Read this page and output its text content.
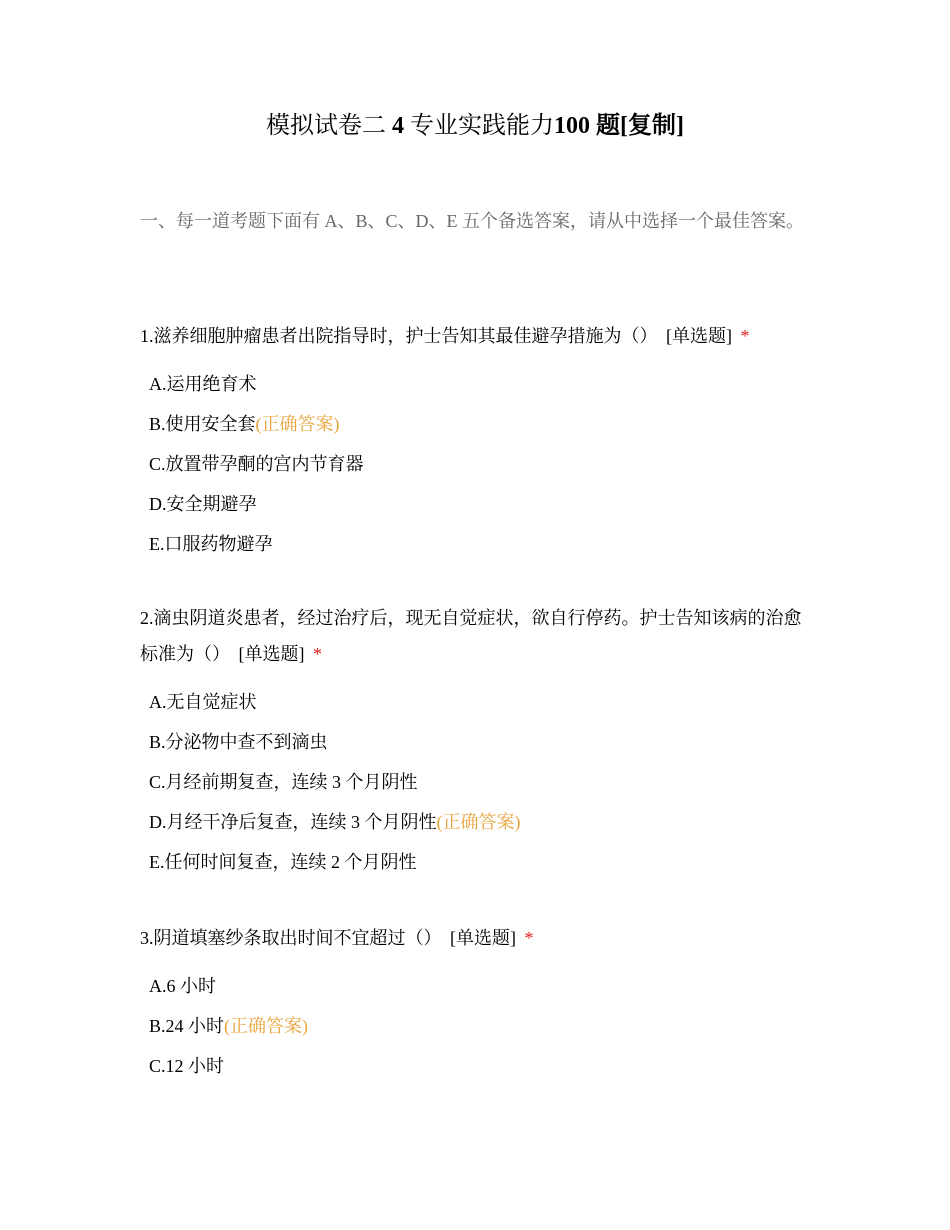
模拟试卷二 4 专业实践能力100 题[复制]
一、每一道考题下面有 A、B、C、D、E 五个备选答案，请从中选择一个最佳答案。

1.滋养细胞肿瘤患者出院指导时，护士告知其最佳避孕措施为（） [单选题] *

A.运用绝育术
B.使用安全套(正确答案)
C.放置带孕酮的宫内节育器
D.安全期避孕
E.口服药物避孕

2.滴虫阴道炎患者，经过治疗后，现无自觉症状，欲自行停药。护士告知该病的治愈标准为（） [单选题] *

A.无自觉症状
B.分泌物中查不到滴虫
C.月经前期复查，连续 3 个月阴性
D.月经干净后复查，连续 3 个月阴性(正确答案)
E.任何时间复查，连续 2 个月阴性

3.阴道填塞纱条取出时间不宜超过（） [单选题] *

A.6 小时
B.24 小时(正确答案)
C.12 小时
